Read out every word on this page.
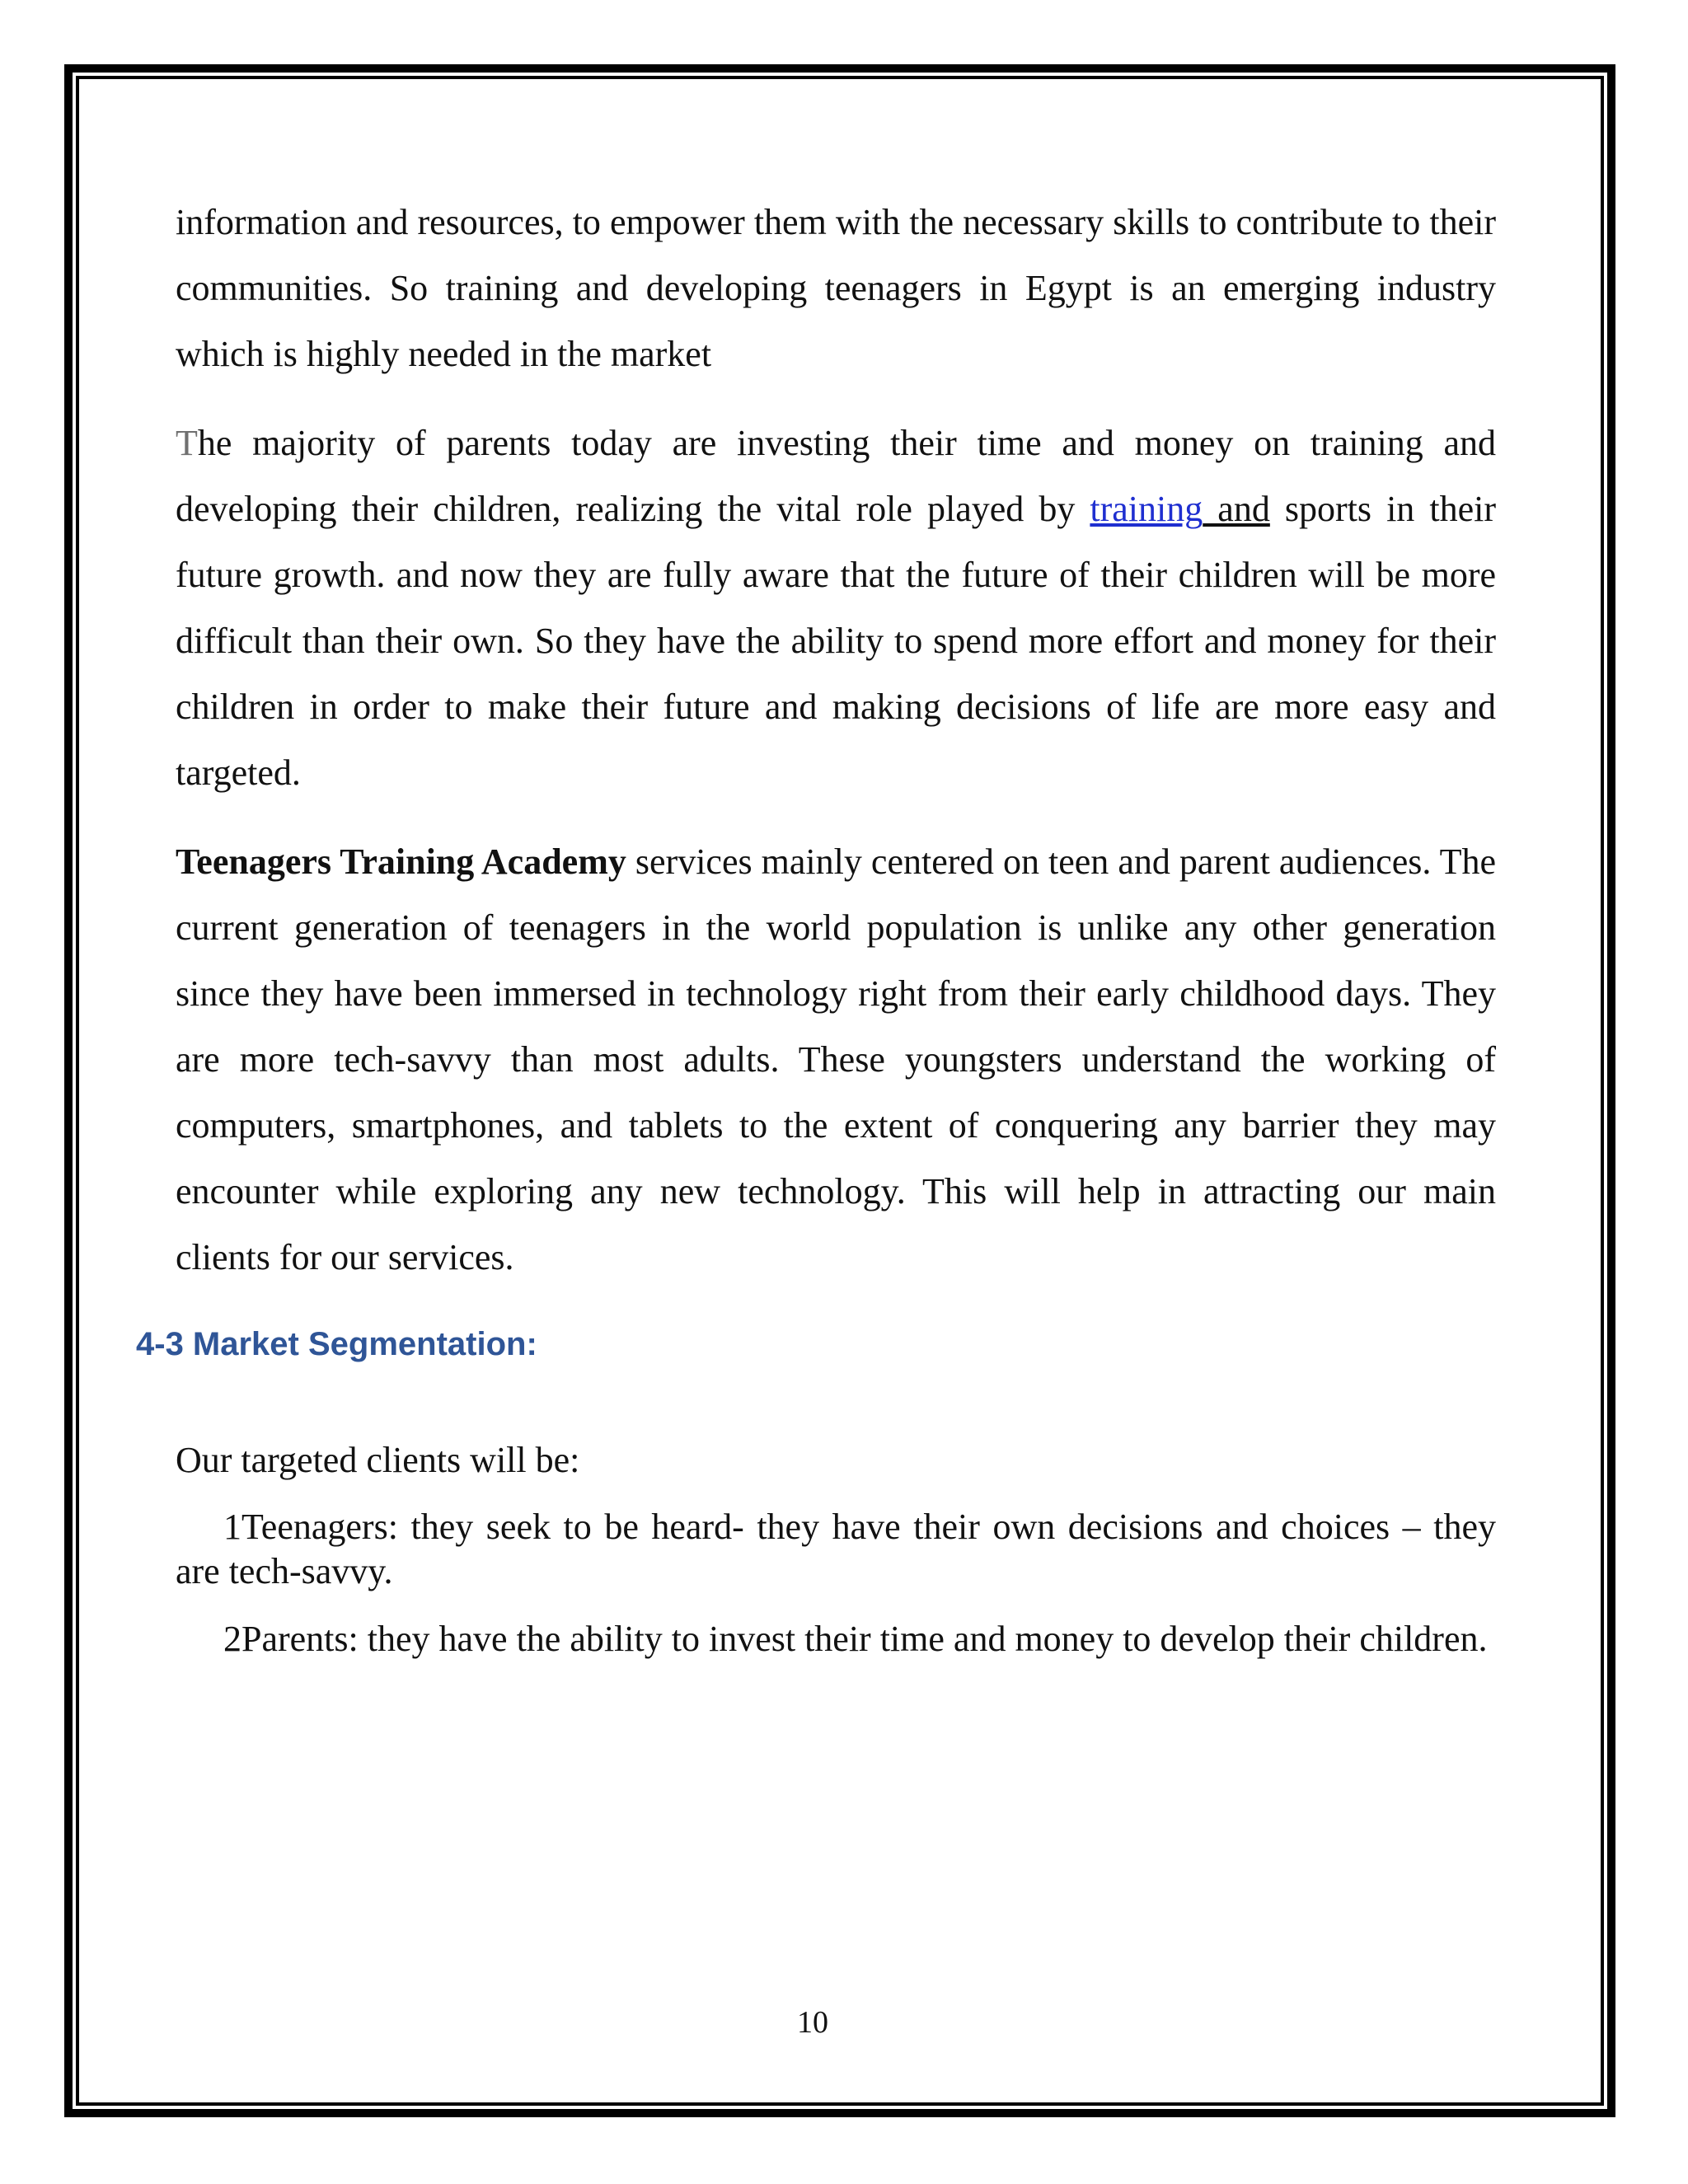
information and resources, to empower them with the necessary skills to contribute to their communities. So training and developing teenagers in Egypt is an emerging industry which is highly needed in the market

The majority of parents today are investing their time and money on training and developing their children, realizing the vital role played by training and sports in their future growth. and now they are fully aware that the future of their children will be more difficult than their own. So they have the ability to spend more effort and money for their children in order to make their future and making decisions of life are more easy and targeted.

Teenagers Training Academy services mainly centered on teen and parent audiences. The current generation of teenagers in the world population is unlike any other generation since they have been immersed in technology right from their early childhood days. They are more tech-savvy than most adults. These youngsters understand the working of computers, smartphones, and tablets to the extent of conquering any barrier they may encounter while exploring any new technology. This will help in attracting our main clients for our services.

4-3 Market Segmentation:

Our targeted clients will be:

1Teenagers: they seek to be heard- they have their own decisions and choices – they are tech-savvy.

2Parents: they have the ability to invest their time and money to develop their children.

10
